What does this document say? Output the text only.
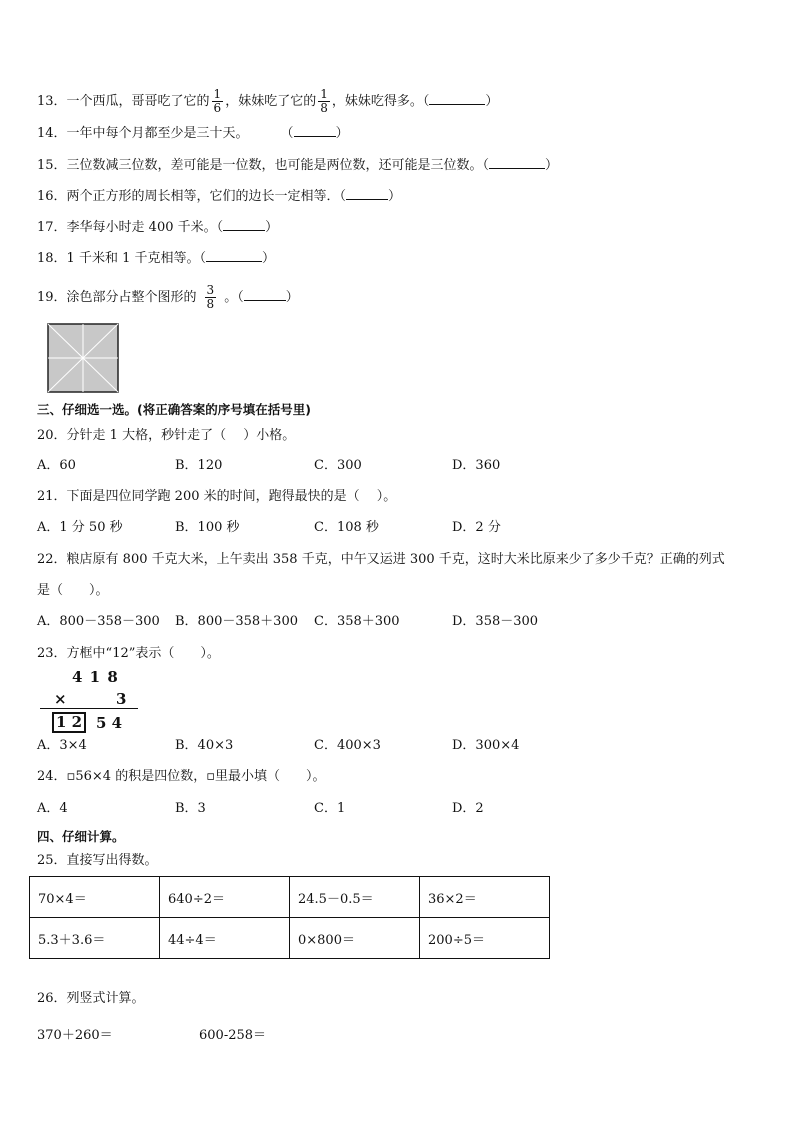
13．一个西瓜，哥哥吃了它的 $\frac{1}{6}$ ，妹妹吃了它的 $\frac{1}{8}$ ，妹妹吃得多。（	）
14．一年中每个月都至少是三十天。 （	）
15．三位数减三位数，差可能是一位数，也可能是两位数，还可能是三位数。（	）
16．两个正方形的周长相等，它们的边长一定相等．（	）
17．李华每小时走 400 千米。（	）
18．1 千米和 1 千克相等。（	）
19．涂色部分占整个图形的 $\frac{3}{8}$ 。（	）
三、仔细选一选。(将正确答案的序号填在括号里)
20．分针走 1 大格，秒针走了（　 ）小格。
A．60	B．120	C．300	D．360
21．下面是四位同学跑 200 米的时间，跑得最快的是（　 ）。
A．1 分 50 秒	B．100 秒	C．108 秒	D．2 分
22．粮店原有 800 千克大米，上午卖出 358 千克，中午又运进 300 千克，这时大米比原来少了多少千克？正确的列式
是（　　）。
A．800－358－300 B．800－358＋300 C．358＋300	D．358－300
23．方框中“12”表示（　　）。
4 1 8
×	3
1 2 5 4
A．3×4	B．40×3	C．400×3	D．300×4
24．▫56×4 的积是四位数，▫里最小填（　　）。
A．4	B．3	C．1	D．2
四、仔细计算。
25．直接写出得数。
70×4＝	640÷2＝	24.5－0.5＝	36×2＝
5.3＋3.6＝	44÷4＝	0×800＝	200÷5＝
26．列竖式计算。
370＋260＝	600-258＝
